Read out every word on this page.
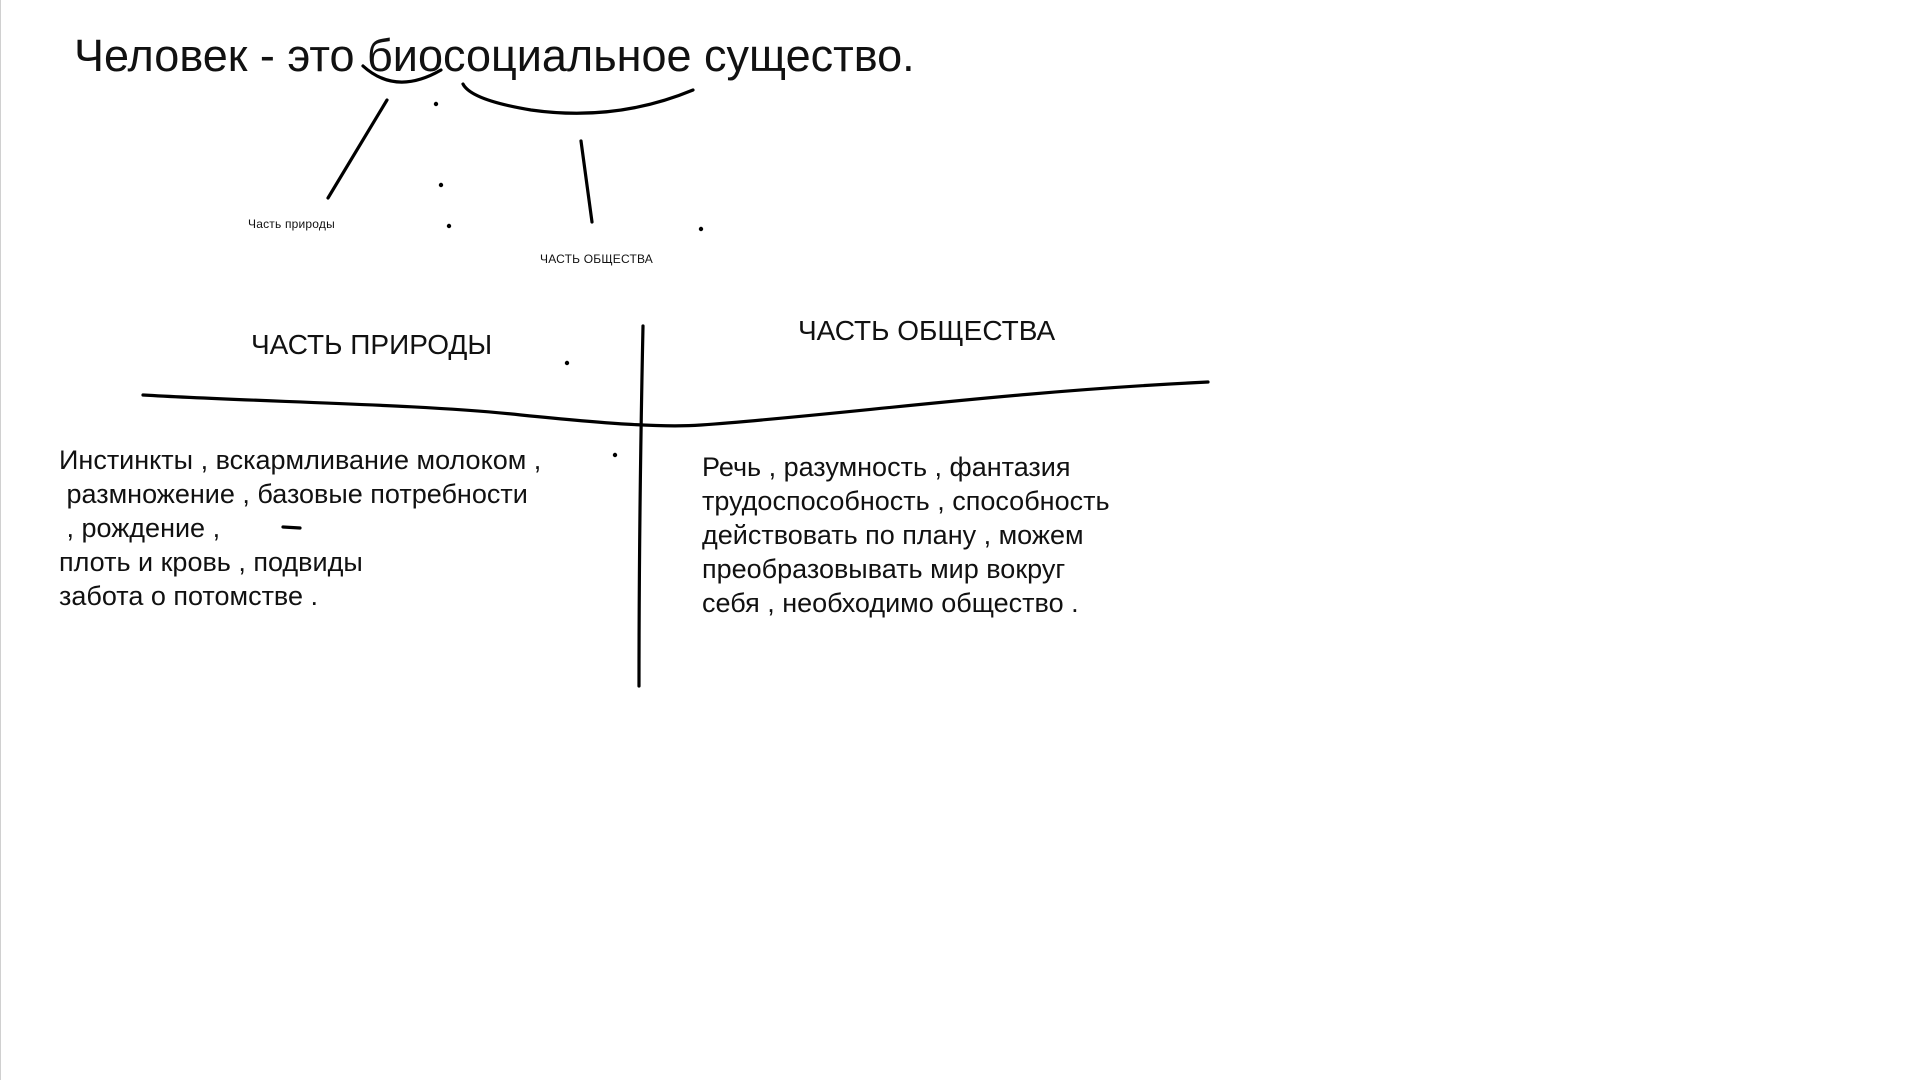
Человек - это биосоциальное существо.
Часть природы
ЧАСТЬ ОБЩЕСТВА
ЧАСТЬ ПРИРОДЫ	ЧАСТЬ ОБЩЕСТВА
Инстинкты , вскармливание молоком ,
размножение , базовые потребности
, рождение ,
плоть и кровь , подвиды
забота о потомстве .
Речь , разумность , фантазия
трудоспособность , способность
действовать по плану , можем
преобразовывать мир вокруг
себя , необходимо общество .
